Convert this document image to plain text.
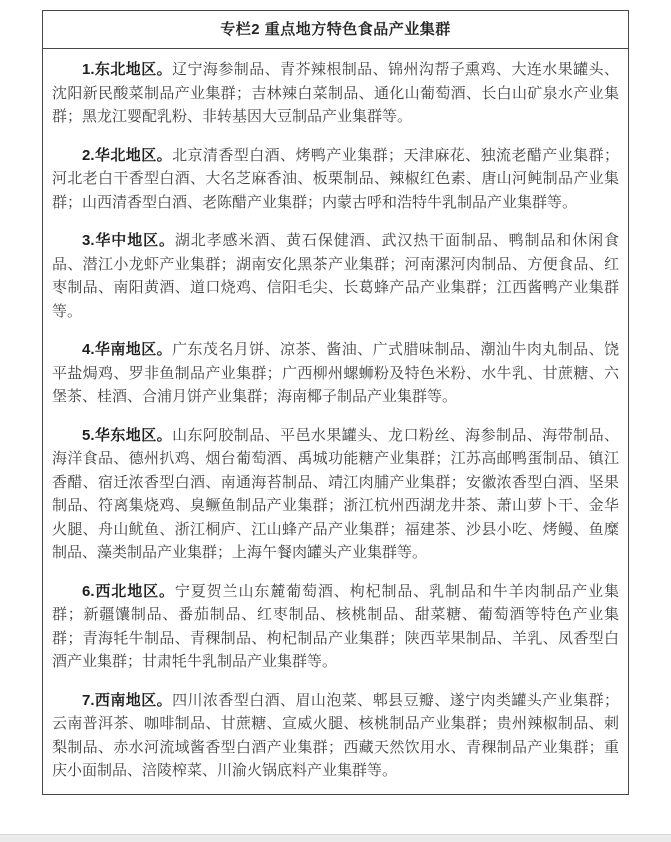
专栏2 重点地方特色食品产业集群

1.东北地区。辽宁海参制品、青芥辣根制品、锦州沟帮子熏鸡、大连水果罐头、沈阳新民酸菜制品产业集群；吉林辣白菜制品、通化山葡萄酒、长白山矿泉水产业集群；黑龙江婴配乳粉、非转基因大豆制品产业集群等。

2.华北地区。北京清香型白酒、烤鸭产业集群；天津麻花、独流老醋产业集群；河北老白干香型白酒、大名芝麻香油、板栗制品、辣椒红色素、唐山河鲀制品产业集群；山西清香型白酒、老陈醋产业集群；内蒙古呼和浩特牛乳制品产业集群等。

3.华中地区。湖北孝感米酒、黄石保健酒、武汉热干面制品、鸭制品和休闲食品、潜江小龙虾产业集群；湖南安化黑茶产业集群；河南漯河肉制品、方便食品、红枣制品、南阳黄酒、道口烧鸡、信阳毛尖、长葛蜂产品产业集群；江西酱鸭产业集群等。

4.华南地区。广东茂名月饼、凉茶、酱油、广式腊味制品、潮汕牛肉丸制品、饶平盐焗鸡、罗非鱼制品产业集群；广西柳州螺蛳粉及特色米粉、水牛乳、甘蔗糖、六堡茶、桂酒、合浦月饼产业集群；海南椰子制品产业集群等。

5.华东地区。山东阿胶制品、平邑水果罐头、龙口粉丝、海参制品、海带制品、海洋食品、德州扒鸡、烟台葡萄酒、禹城功能糖产业集群；江苏高邮鸭蛋制品、镇江香醋、宿迁浓香型白酒、南通海苔制品、靖江肉脯产业集群；安徽浓香型白酒、坚果制品、符离集烧鸡、臭鳜鱼制品产业集群；浙江杭州西湖龙井茶、萧山萝卜干、金华火腿、舟山鱿鱼、浙江桐庐、江山蜂产品产业集群；福建茶、沙县小吃、烤鳗、鱼糜制品、藻类制品产业集群；上海午餐肉罐头产业集群等。

6.西北地区。宁夏贺兰山东麓葡萄酒、枸杞制品、乳制品和牛羊肉制品产业集群；新疆馕制品、番茄制品、红枣制品、核桃制品、甜菜糖、葡萄酒等特色产业集群；青海牦牛制品、青稞制品、枸杞制品产业集群；陕西苹果制品、羊乳、凤香型白酒产业集群；甘肃牦牛乳制品产业集群等。

7.西南地区。四川浓香型白酒、眉山泡菜、郫县豆瓣、遂宁肉类罐头产业集群；云南普洱茶、咖啡制品、甘蔗糖、宣威火腿、核桃制品产业集群；贵州辣椒制品、刺梨制品、赤水河流域酱香型白酒产业集群；西藏天然饮用水、青稞制品产业集群；重庆小面制品、涪陵榨菜、川渝火锅底料产业集群等。
